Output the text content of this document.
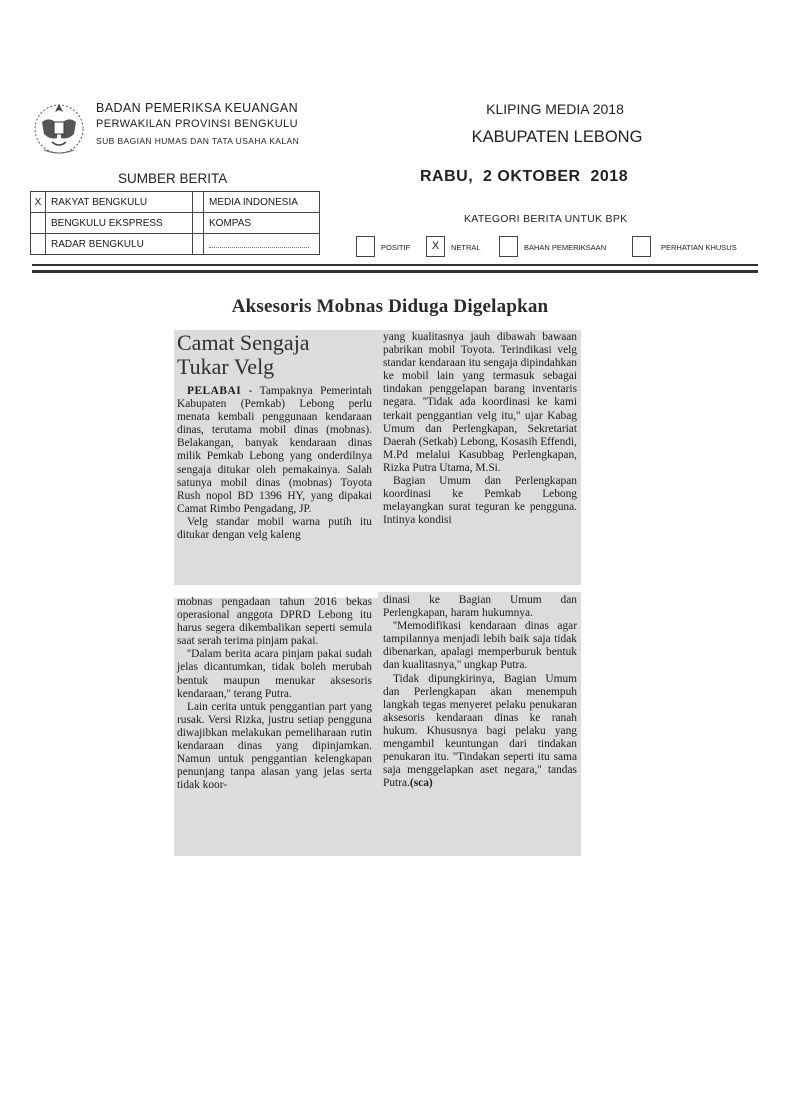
BADAN PEMERIKSA KEUANGAN
PERWAKILAN PROVINSI BENGKULU
SUB BAGIAN HUMAS DAN TATA USAHA KALAN
KLIPING MEDIA 2018
KABUPATEN LEBONG
SUMBER BERITA	RABU,  2 OKTOBER  2018
X	RAKYAT BENGKULU		MEDIA INDONESIA
	BENGKULU EKSPRESS		KOMPAS
	RADAR BENGKULU		
KATEGORI BERITA UNTUK BPK
POSITIF	X	NETRAL	BAHAN PEMERIKSAAN	PERHATIAN KHUSUS
Aksesoris Mobnas Diduga Digelapkan
Camat Sengaja
Tukar Velg

PELABAI - Tampaknya Pemerintah Kabupaten (Pemkab) Lebong perlu menata kembali penggunaan kendaraan dinas, terutama mobil dinas (mobnas). Belakangan, banyak kendaraan dinas milik Pemkab Lebong yang onderdilnya sengaja ditukar oleh pemakainya. Salah satunya mobil dinas (mobnas) Toyota Rush nopol BD 1396 HY, yang dipakai Camat Rimbo Pengadang, JP.

Velg standar mobil warna putih itu ditukar dengan velg kaleng

yang kualitasnya jauh dibawah bawaan pabrikan mobil Toyota. Terindikasi velg standar kendaraan itu sengaja dipindahkan ke mobil lain yang termasuk sebagai tindakan penggelapan barang inventaris negara. ''Tidak ada koordinasi ke kami terkait penggantian velg itu,'' ujar Kabag Umum dan Perlengkapan, Sekretariat Daerah (Setkab) Lebong, Kosasih Effendi, M.Pd melalui Kasubbag Perlengkapan, Rizka Putra Utama, M.Si.

Bagian Umum dan Perlengkapan koordinasi ke Pemkab Lebong melayangkan surat teguran ke pengguna. Intinya kondisi

mobnas pengadaan tahun 2016 bekas operasional anggota DPRD Lebong itu harus segera dikembalikan seperti semula saat serah terima pinjam pakai.

''Dalam berita acara pinjam pakai sudah jelas dicantumkan, tidak boleh merubah bentuk maupun menukar aksesoris kendaraan,'' terang Putra.

Lain cerita untuk penggantian part yang rusak. Versi Rizka, justru setiap pengguna diwajibkan melakukan pemeliharaan rutin kendaraan dinas yang dipinjamkan. Namun untuk penggantian kelengkapan penunjang tanpa alasan yang jelas serta tidak koor-

dinasi ke Bagian Umum dan Perlengkapan, haram hukumnya.

''Memodifikasi kendaraan dinas agar tampilannya menjadi lebih baik saja tidak dibenarkan, apalagi memperburuk bentuk dan kualitasnya,'' ungkap Putra.

Tidak dipungkirinya, Bagian Umum dan Perlengkapan akan menempuh langkah tegas menyeret pelaku penukaran aksesoris kendaraan dinas ke ranah hukum. Khususnya bagi pelaku yang mengambil keuntungan dari tindakan penukaran itu. ''Tindakan seperti itu sama saja menggelapkan aset negara,'' tandas Putra.(sca)
